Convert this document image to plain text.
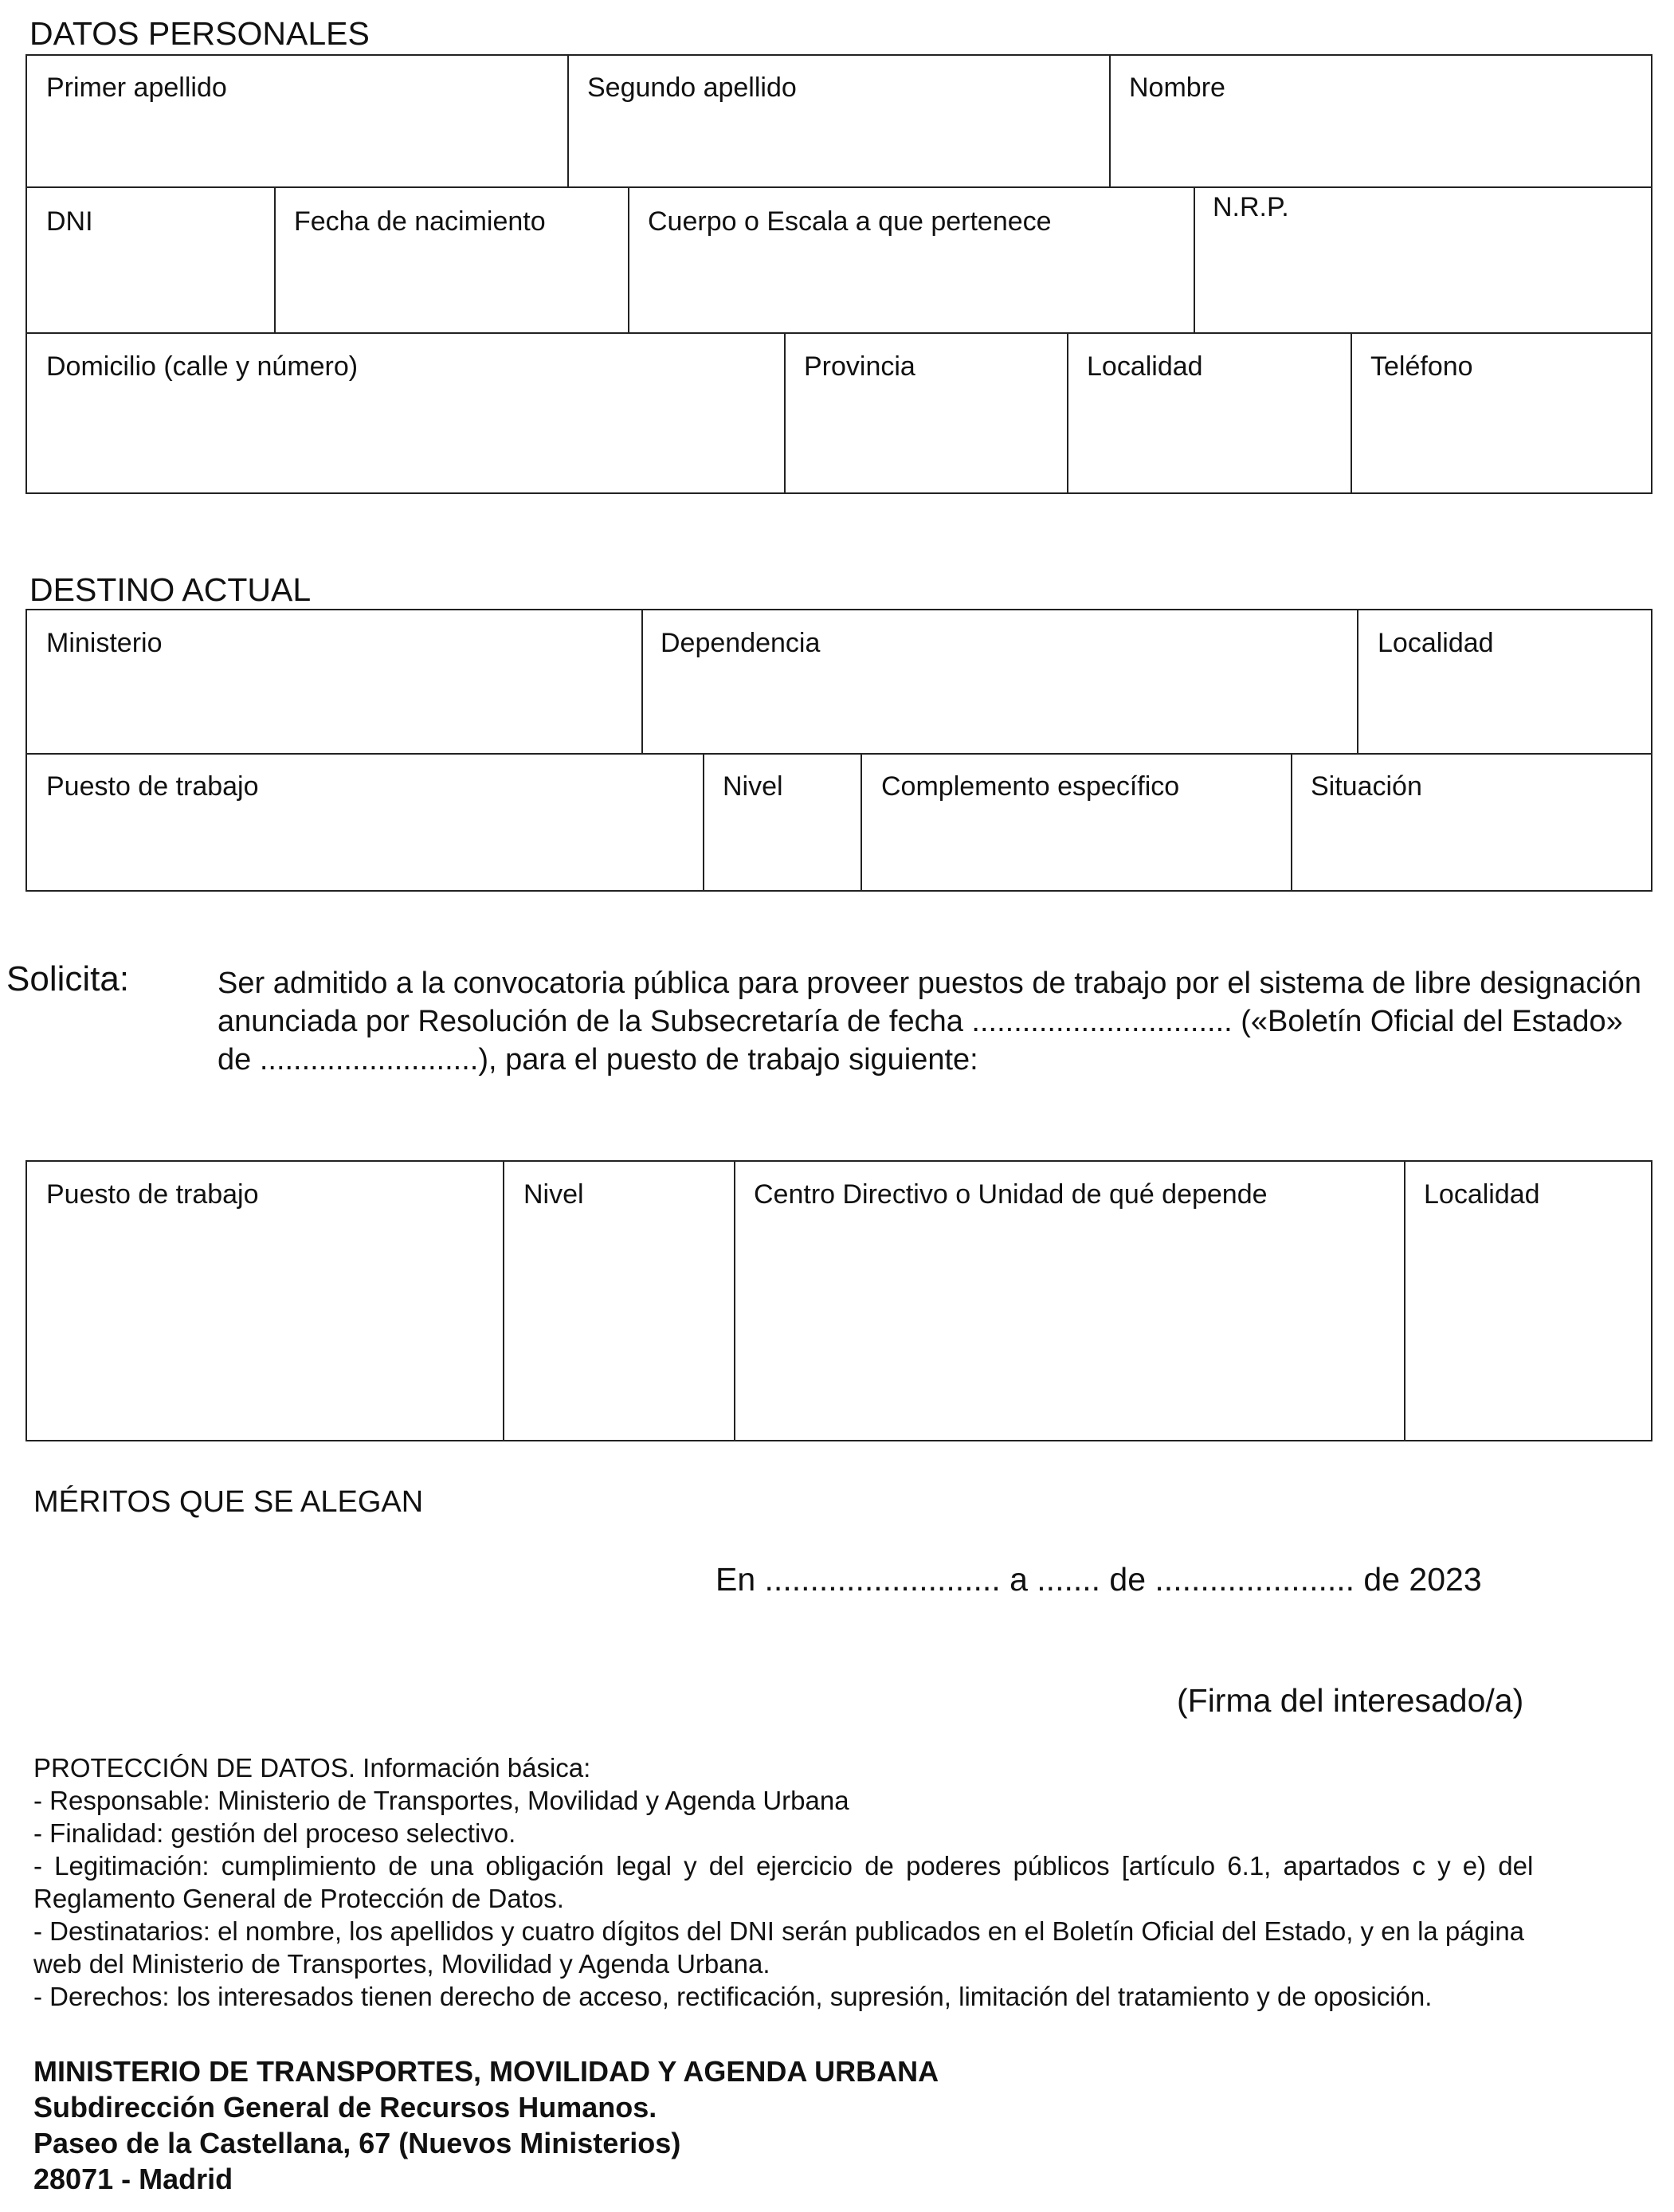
DATOS PERSONALES
Primer apellido	Segundo apellido	Nombre
DNI	Fecha de nacimiento	Cuerpo o Escala a que pertenece	N.R.P.
Domicilio (calle y número)	Provincia	Localidad	Teléfono
DESTINO ACTUAL
Ministerio	Dependencia	Localidad
Puesto de trabajo	Nivel	Complemento específico	Situación
Solicita:	Ser admitido a la convocatoria pública para proveer puestos de trabajo por el sistema de libre designación
anunciada por Resolución de la Subsecretaría de fecha ............................... («Boletín Oficial del Estado»
de ..........................), para el puesto de trabajo siguiente:
Puesto de trabajo	Nivel	Centro Directivo o Unidad de qué depende	Localidad
MÉRITOS QUE SE ALEGAN
En .......................... a ....... de ...................... de 2023
(Firma del interesado/a)
PROTECCIÓN DE DATOS. Información básica:
- Responsable: Ministerio de Transportes, Movilidad y Agenda Urbana
- Finalidad: gestión del proceso selectivo.
- Legitimación: cumplimiento de una obligación legal y del ejercicio de poderes públicos [artículo 6.1, apartados c y e) del
Reglamento General de Protección de Datos.
- Destinatarios: el nombre, los apellidos y cuatro dígitos del DNI serán publicados en el Boletín Oficial del Estado, y en la página
web del Ministerio de Transportes, Movilidad y Agenda Urbana.
- Derechos: los interesados tienen derecho de acceso, rectificación, supresión, limitación del tratamiento y de oposición.
MINISTERIO DE TRANSPORTES, MOVILIDAD Y AGENDA URBANA
Subdirección General de Recursos Humanos.
Paseo de la Castellana, 67 (Nuevos Ministerios)
28071 - Madrid
